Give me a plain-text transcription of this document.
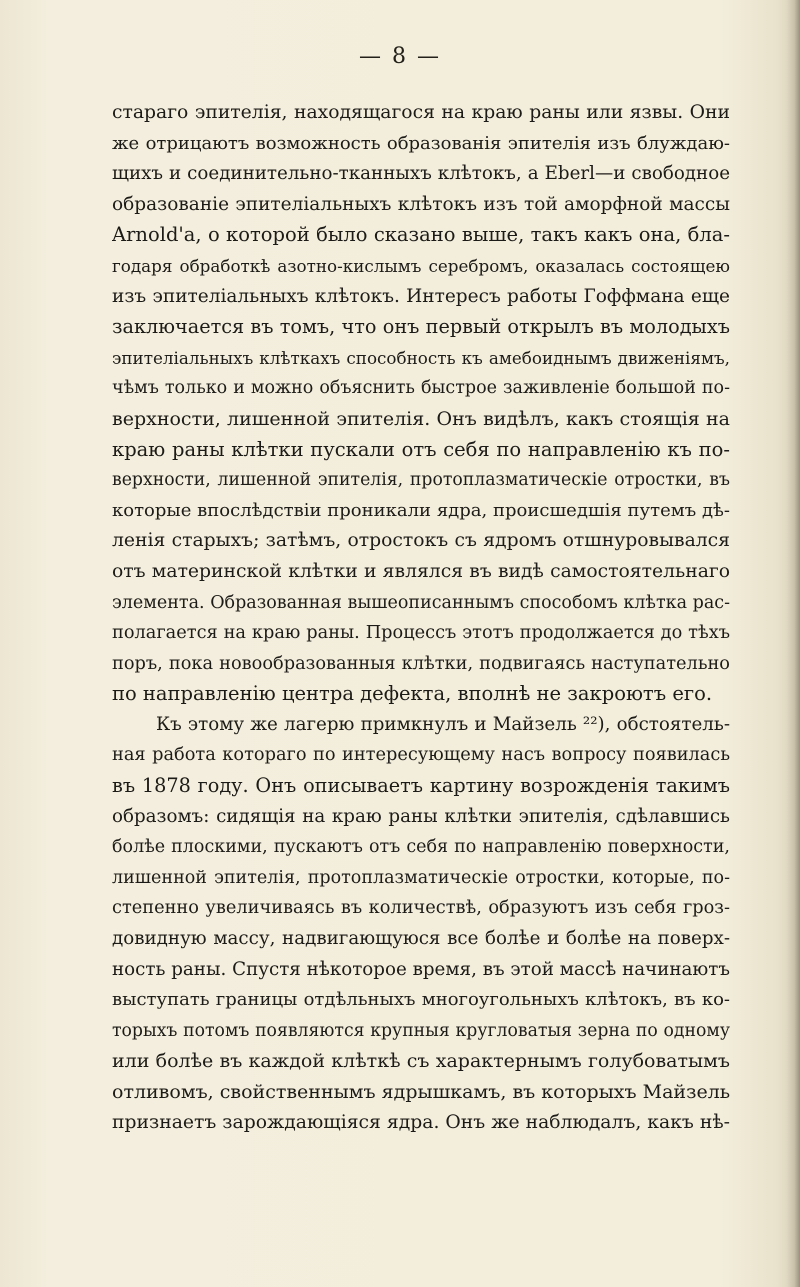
— 8 —
стараго эпителія, находящагося на краю раны или язвы. Они
же отрицаютъ возможность образованія эпителія изъ блуждаю-
щихъ и соединительно-тканныхъ клѣтокъ, а Eberl—и свободное
образованіе эпителіальныхъ клѣтокъ изъ той аморфной массы
Arnold'a, о которой было сказано выше, такъ какъ она, бла-
годаря обработкѣ азотно-кислымъ серебромъ, оказалась состоящею
изъ эпителіальныхъ клѣтокъ. Интересъ работы Гоффмана еще
заключается въ томъ, что онъ первый открылъ въ молодыхъ
эпителіальныхъ клѣткахъ способность къ амебоиднымъ движеніямъ,
чѣмъ только и можно объяснить быстрое заживленіе большой по-
верхности, лишенной эпителія. Онъ видѣлъ, какъ стоящія на
краю раны клѣтки пускали отъ себя по направленію къ по-
верхности, лишенной эпителія, протоплазматическіе отростки, въ
которые впослѣдствіи проникали ядра, происшедшія путемъ дѣ-
ленія старыхъ; затѣмъ, отростокъ съ ядромъ отшнуровывался
отъ материнской клѣтки и являлся въ видѣ самостоятельнаго
элемента. Образованная вышеописаннымъ способомъ клѣтка рас-
полагается на краю раны. Процессъ этотъ продолжается до тѣхъ
поръ, пока новообразованныя клѣтки, подвигаясь наступательно
по направленію центра дефекта, вполнѣ не закроютъ его.
Къ этому же лагерю примкнулъ и Майзель ²²), обстоятель-
ная работа котораго по интересующему насъ вопросу появилась
въ 1878 году. Онъ описываетъ картину возрожденія такимъ
образомъ: сидящія на краю раны клѣтки эпителія, сдѣлавшись
болѣе плоскими, пускаютъ отъ себя по направленію поверхности,
лишенной эпителія, протоплазматическіе отростки, которые, по-
степенно увеличиваясь въ количествѣ, образуютъ изъ себя гроз-
довидную массу, надвигающуюся все болѣе и болѣе на поверх-
ность раны. Спустя нѣкоторое время, въ этой массѣ начинаютъ
выступать границы отдѣльныхъ многоугольныхъ клѣтокъ, въ ко-
торыхъ потомъ появляются крупныя кругловатыя зерна по одному
или болѣе въ каждой клѣткѣ съ характернымъ голубоватымъ
отливомъ, свойственнымъ ядрышкамъ, въ которыхъ Майзель
признаетъ зарождающіяся ядра. Онъ же наблюдалъ, какъ нѣ-
